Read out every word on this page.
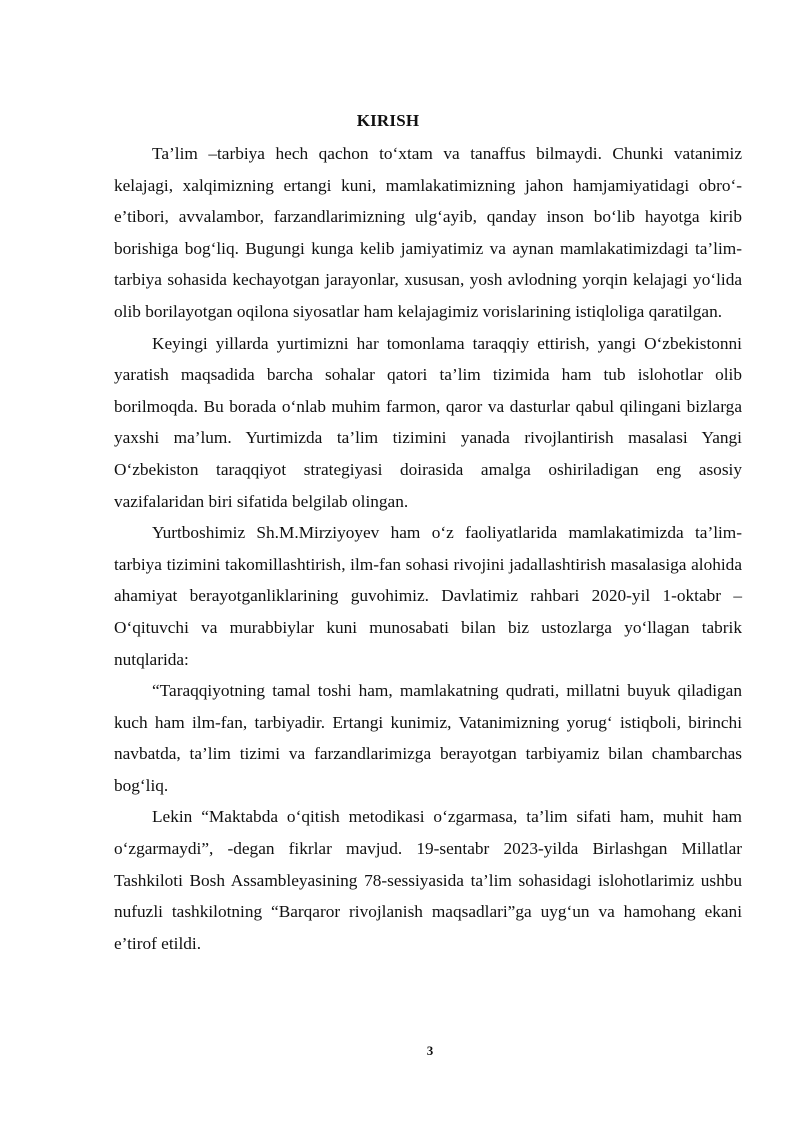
KIRISH

Ta’lim –tarbiya hech qachon to‘xtam va tanaffus bilmaydi. Chunki vatanimiz kelajagi, xalqimizning ertangi kuni, mamlakatimizning jahon hamjamiyatidagi obro‘-e’tibori, avvalambor, farzandlarimizning ulg‘ayib, qanday inson bo‘lib hayotga kirib borishiga bog‘liq. Bugungi kunga kelib jamiyatimiz va aynan mamlakatimizdagi ta’lim-tarbiya sohasida kechayotgan jarayonlar, xususan, yosh avlodning yorqin kelajagi yo‘lida olib borilayotgan oqilona siyosatlar ham kelajagimiz vorislarining istiqloliga qaratilgan.

Keyingi yillarda yurtimizni har tomonlama taraqqiy ettirish, yangi O‘zbekistonni yaratish maqsadida barcha sohalar qatori ta’lim tizimida ham tub islohotlar olib borilmoqda. Bu borada o‘nlab muhim farmon, qaror va dasturlar qabul qilingani bizlarga yaxshi ma’lum. Yurtimizda ta’lim tizimini yanada rivojlantirish masalasi Yangi O‘zbekiston taraqqiyot strategiyasi doirasida amalga oshiriladigan eng asosiy vazifalaridan biri sifatida belgilab olingan.

Yurtboshimiz Sh.M.Mirziyoyev ham o‘z faoliyatlarida mamlakatimizda ta’lim-tarbiya tizimini takomillashtirish, ilm-fan sohasi rivojini jadallashtirish masalasiga alohida ahamiyat berayotganliklarining guvohimiz. Davlatimiz rahbari 2020-yil 1-oktabr – O‘qituvchi va murabbiylar kuni munosabati bilan biz ustozlarga yo‘llagan tabrik nutqlarida:

“Taraqqiyotning tamal toshi ham, mamlakatning qudrati, millatni buyuk qiladigan kuch ham ilm-fan, tarbiyadir. Ertangi kunimiz, Vatanimizning yorug‘ istiqboli, birinchi navbatda, ta’lim tizimi va farzandlarimizga berayotgan tarbiyamiz bilan chambarchas bog‘liq.

Lekin “Maktabda o‘qitish metodikasi o‘zgarmasa, ta’lim sifati ham, muhit ham o‘zgarmaydi”, -degan fikrlar mavjud. 19-sentabr 2023-yilda Birlashgan Millatlar Tashkiloti Bosh Assambleyasining 78-sessiyasida ta’lim sohasidagi islohotlarimiz ushbu nufuzli tashkilotning “Barqaror rivojlanish maqsadlari”ga uyg‘un va hamohang ekani e’tirof etildi.

3
